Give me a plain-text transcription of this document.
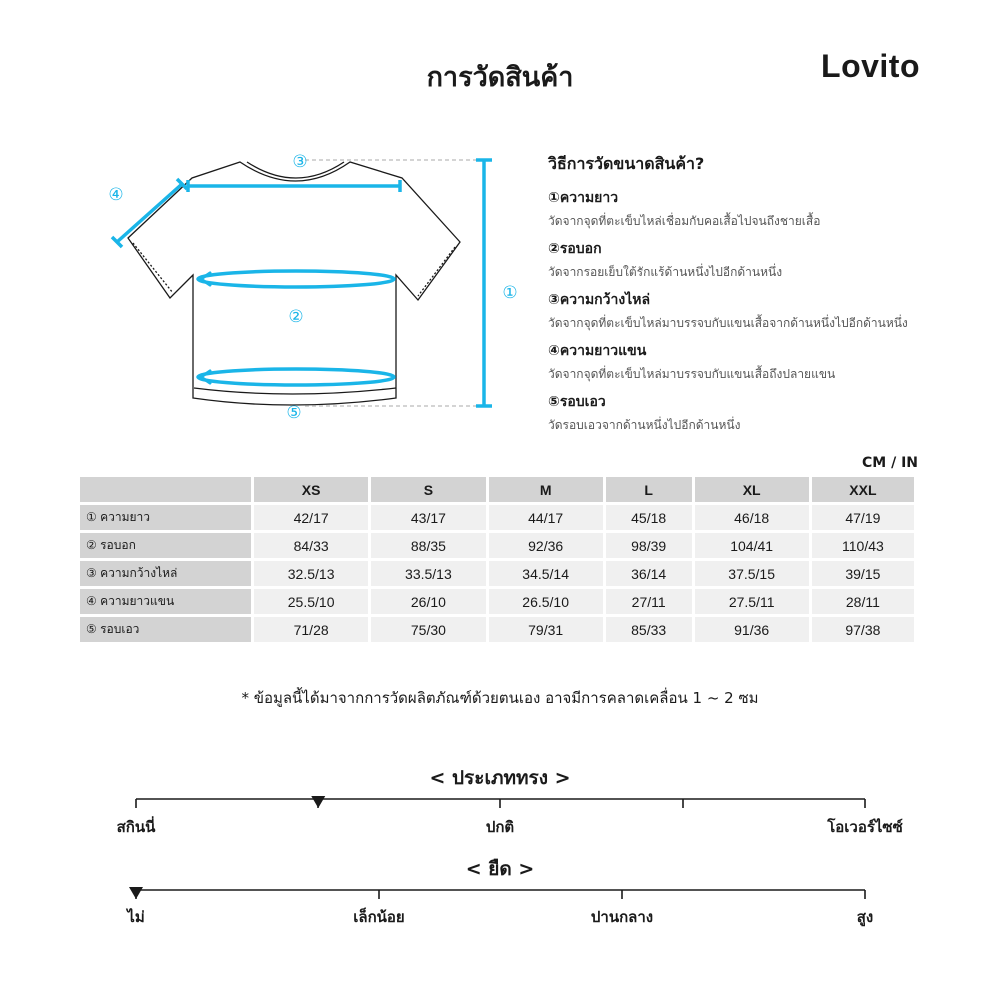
การวัดสินค้า	Lovito
③
④
①
②
⑤
วิธีการวัดขนาดสินค้า?
①ความยาว
วัดจากจุดที่ตะเข็บไหล่เชื่อมกับคอเสื้อไปจนถึงชายเสื้อ
②รอบอก
วัดจากรอยเย็บใต้รักแร้ด้านหนึ่งไปอีกด้านหนึ่ง
③ความกว้างไหล่
วัดจากจุดที่ตะเข็บไหล่มาบรรจบกับแขนเสื้อจากด้านหนึ่งไปอีกด้านหนึ่ง
④ความยาวแขน
วัดจากจุดที่ตะเข็บไหล่มาบรรจบกับแขนเสื้อถึงปลายแขน
⑤รอบเอว
วัดรอบเอวจากด้านหนึ่งไปอีกด้านหนึ่ง
CM / IN
	XS	S	M	L	XL	XXL
① ความยาว	42/17	43/17	44/17	45/18	46/18	47/19
② รอบอก	84/33	88/35	92/36	98/39	104/41	110/43
③ ความกว้างไหล่	32.5/13	33.5/13	34.5/14	36/14	37.5/15	39/15
④ ความยาวแขน	25.5/10	26/10	26.5/10	27/11	27.5/11	28/11
⑤ รอบเอว	71/28	75/30	79/31	85/33	91/36	97/38
* ข้อมูลนี้ได้มาจากการวัดผลิตภัณฑ์ด้วยตนเอง อาจมีการคลาดเคลื่อน 1 ~ 2 ซม
< ประเภททรง >
สกินนี่	ปกติ	โอเวอร์ไซซ์
< ยืด >
ไม่	เล็กน้อย	ปานกลาง	สูง
